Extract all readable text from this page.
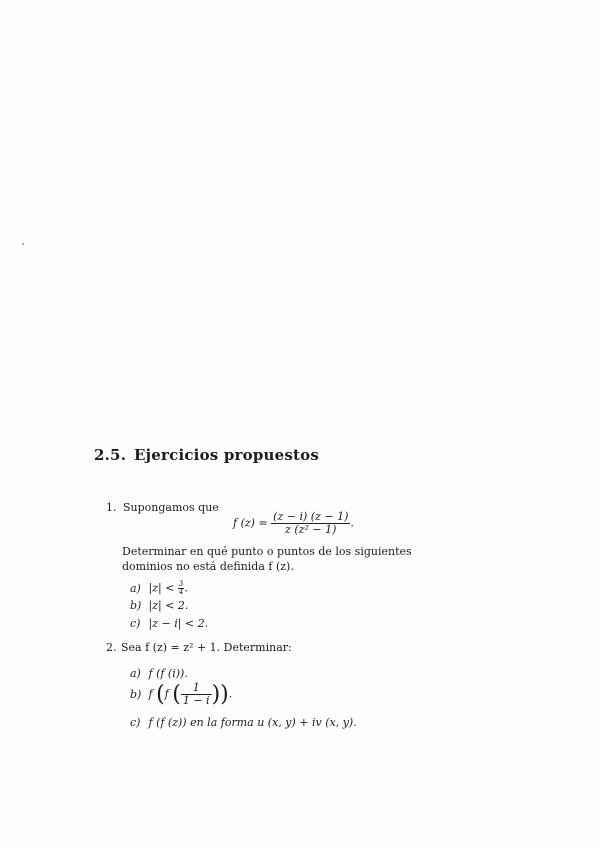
2.5. Ejercicios propuestos
1. Supongamos que
f $(z) = \frac{(z - i) (z - 1)}{\text{z (z² − 1)}}$ .
Determinar en qué punto o puntos de los siguientes dominios no está definida f (z).
a) $|z| < \frac{3}{4}$ .
b) |z| < 2.
c) |z − i| < 2.
2. Sea f (z) = z² + 1. Determinar:
a) f (f (i)).
b) f (f ( $\frac{1}{1 - i}$ )).
c) f (f (z)) en la forma u (x, y) + iv (x, y).
